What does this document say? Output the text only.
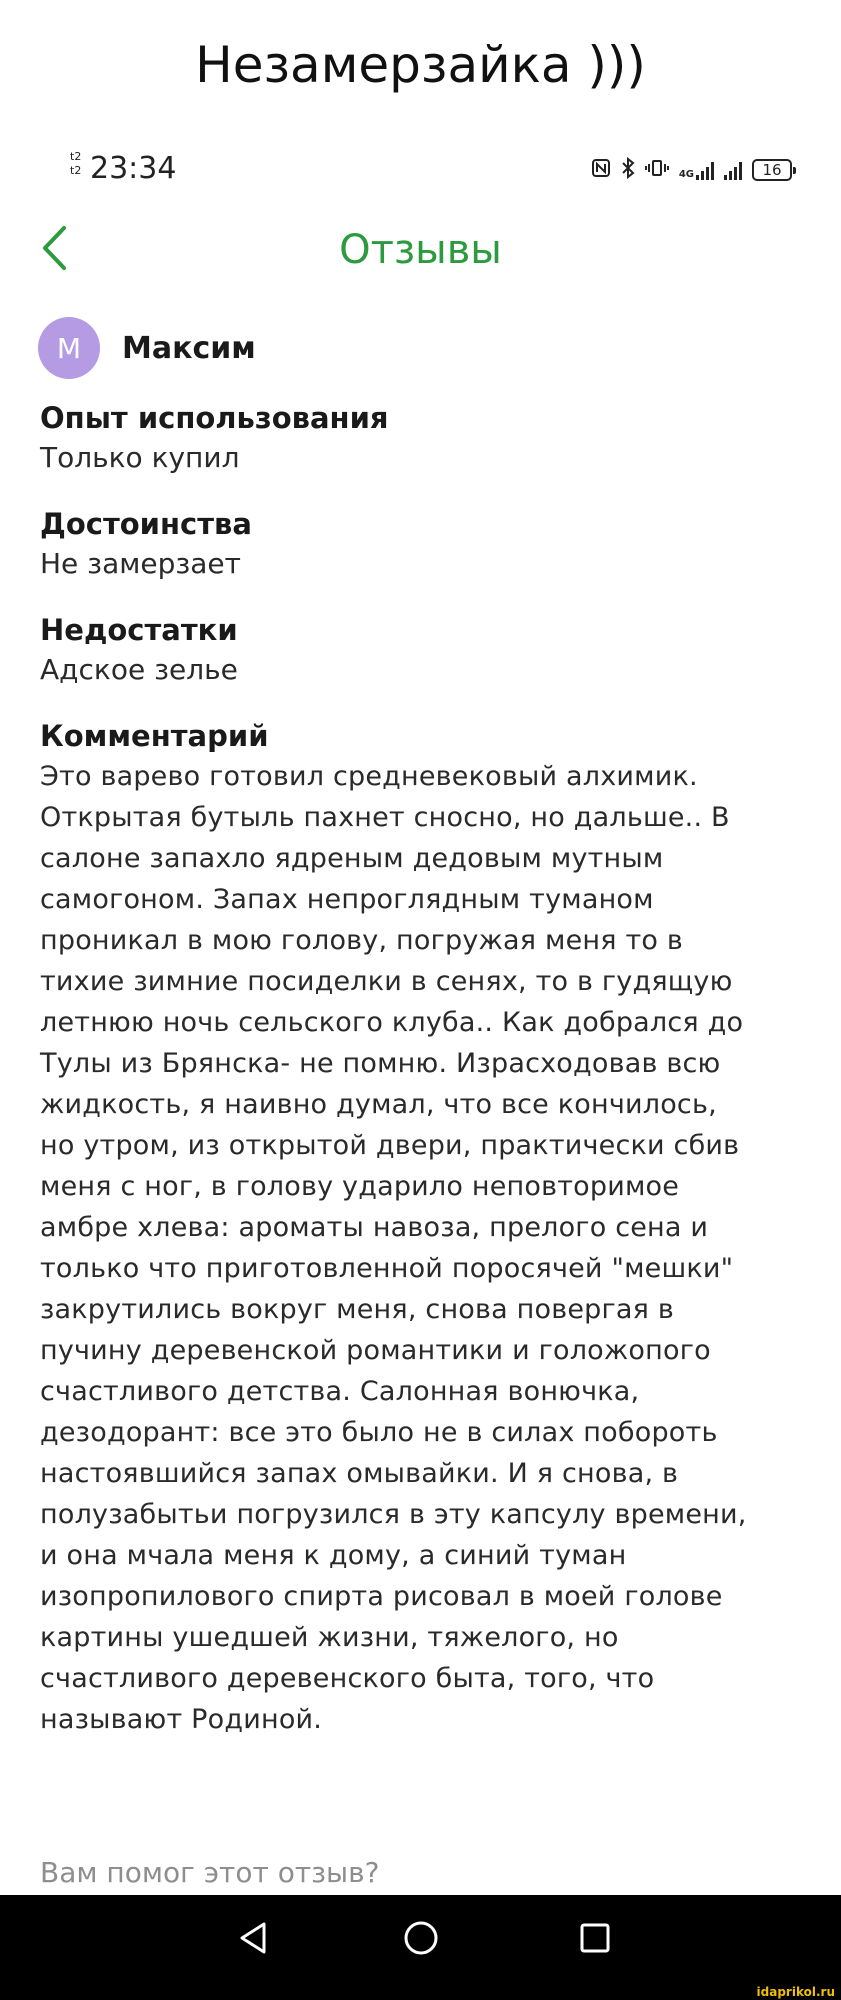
Незамерзайка )))
t2
t2 23:34	4G	16
Отзывы
M	Максим
Опыт использования
Только купил
Достоинства
Не замерзает
Недостатки
Адское зелье
Комментарий
Это варево готовил средневековый алхимик.
Открытая бутыль пахнет сносно, но дальше.. В
салоне запахло ядреным дедовым мутным
самогоном. Запах непроглядным туманом
проникал в мою голову, погружая меня то в
тихие зимние посиделки в сенях, то в гудящую
летнюю ночь сельского клуба.. Как добрался до
Тулы из Брянска- не помню. Израсходовав всю
жидкость, я наивно думал, что все кончилось,
но утром, из открытой двери, практически сбив
меня с ног, в голову ударило неповторимое
амбре хлева: ароматы навоза, прелого сена и
только что приготовленной поросячей "мешки"
закрутились вокруг меня, снова повергая в
пучину деревенской романтики и голожопого
счастливого детства. Салонная вонючка,
дезодорант: все это было не в силах побороть
настоявшийся запах омывайки. И я снова, в
полузабытьи погрузился в эту капсулу времени,
и она мчала меня к дому, а синий туман
изопропилового спирта рисовал в моей голове
картины ушедшей жизни, тяжелого, но
счастливого деревенского быта, того, что
называют Родиной.
Вам помог этот отзыв?
idaprikol.ru
